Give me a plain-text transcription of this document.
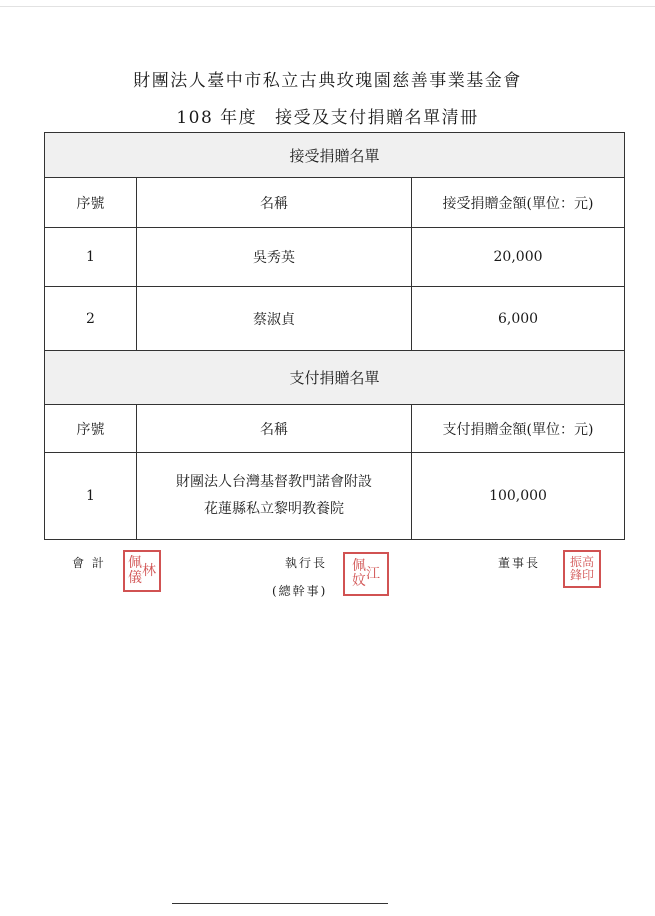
財團法人臺中市私立古典玫瑰園慈善事業基金會
108 年度 接受及支付捐贈名單清冊
接受捐贈名單		
序號	名稱	接受捐贈金額(單位：元)
1	吳秀英	20,000
2	蔡淑貞	6,000
支付捐贈名單		
序號	名稱	支付捐贈金額(單位：元)
1	財團法人台灣基督教門諾會附設
花蓮縣私立黎明教養院	100,000
會 計 佩
儀 林	執行長
(總幹事)
佩
妏 江
董事長 振
鋒
高
印
